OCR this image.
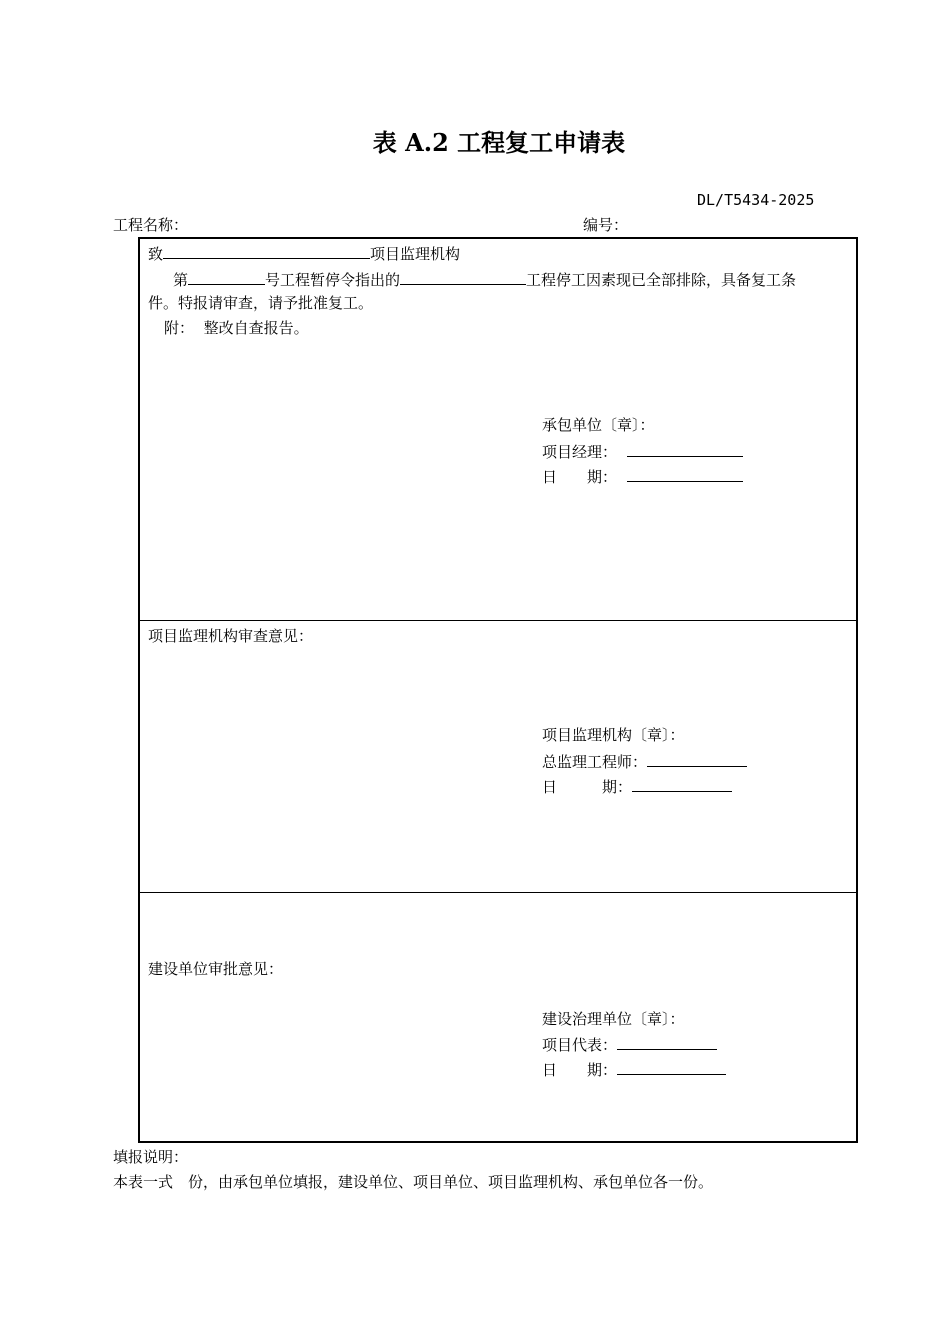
表 A.2 工程复工申请表
DL/T5434-2025
工程名称：	编号：
致	项目监理机构
第	号工程暂停令指出的	工程停工因素现已全部排除，具备复工条
件。特报请审查，请予批准复工。
附： 整改自查报告。
承包单位〔章〕：
项目经理：
日　　期：
项目监理机构审查意见：
项目监理机构〔章〕：
总监理工程师：
日　　　期：
建设单位审批意见：
建设治理单位〔章〕：
项目代表：
日　　期：
填报说明：
本表一式　份，由承包单位填报，建设单位、项目单位、项目监理机构、承包单位各一份。
